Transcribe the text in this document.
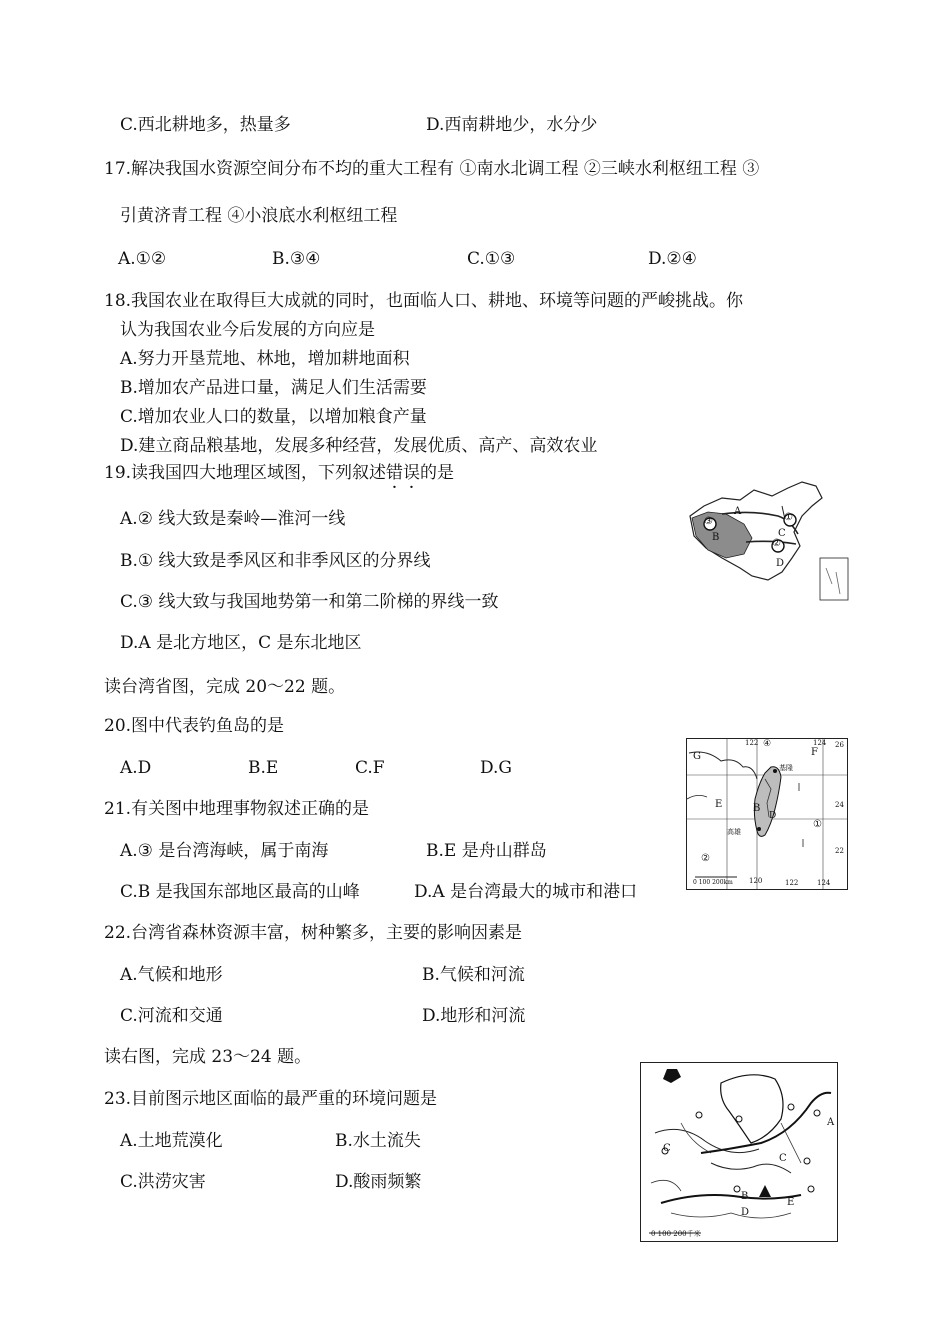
C.西北耕地多，热量多	D.西南耕地少，水分少
17.解决我国水资源空间分布不均的重大工程有 ①南水北调工程 ②三峡水利枢纽工程 ③
引黄济青工程 ④小浪底水利枢纽工程
A.①②	B.③④	C.①③	D.②④
18.我国农业在取得巨大成就的同时，也面临人口、耕地、环境等问题的严峻挑战。你
认为我国农业今后发展的方向应是
A.努力开垦荒地、林地，增加耕地面积
B.增加农产品进口量，满足人们生活需要
C.增加农业人口的数量，以增加粮食产量
D.建立商品粮基地，发展多种经营，发展优质、高产、高效农业
19.读我国四大地理区域图，下列叙述错误的是
A.② 线大致是秦岭—淮河一线
B.① 线大致是季风区和非季风区的分界线
C.③ 线大致与我国地势第一和第二阶梯的界线一致
D.A 是北方地区，C 是东北地区
③	①
②
A
B	C
D
读台湾省图，完成 20～22 题。
20.图中代表钓鱼岛的是
A.D	B.E	C.F	D.G
21.有关图中地理事物叙述正确的是
A.③ 是台湾海峡，属于南海	B.E 是舟山群岛
C.B 是我国东部地区最高的山峰	D.A 是台湾最大的城市和港口
122	124 26
24
22
120	122	124
G
④
F
基隆
E	B
D
高雄
①
②
0 100 200km
22.台湾省森林资源丰富，树种繁多，主要的影响因素是
A.气候和地形	B.气候和河流
C.河流和交通	D.地形和河流
读右图，完成 23～24 题。
23.目前图示地区面临的最严重的环境问题是
A.土地荒漠化	B.水土流失
C.洪涝灾害	D.酸雨频繁
A
C
C
B
E
D
0 100 200千米
